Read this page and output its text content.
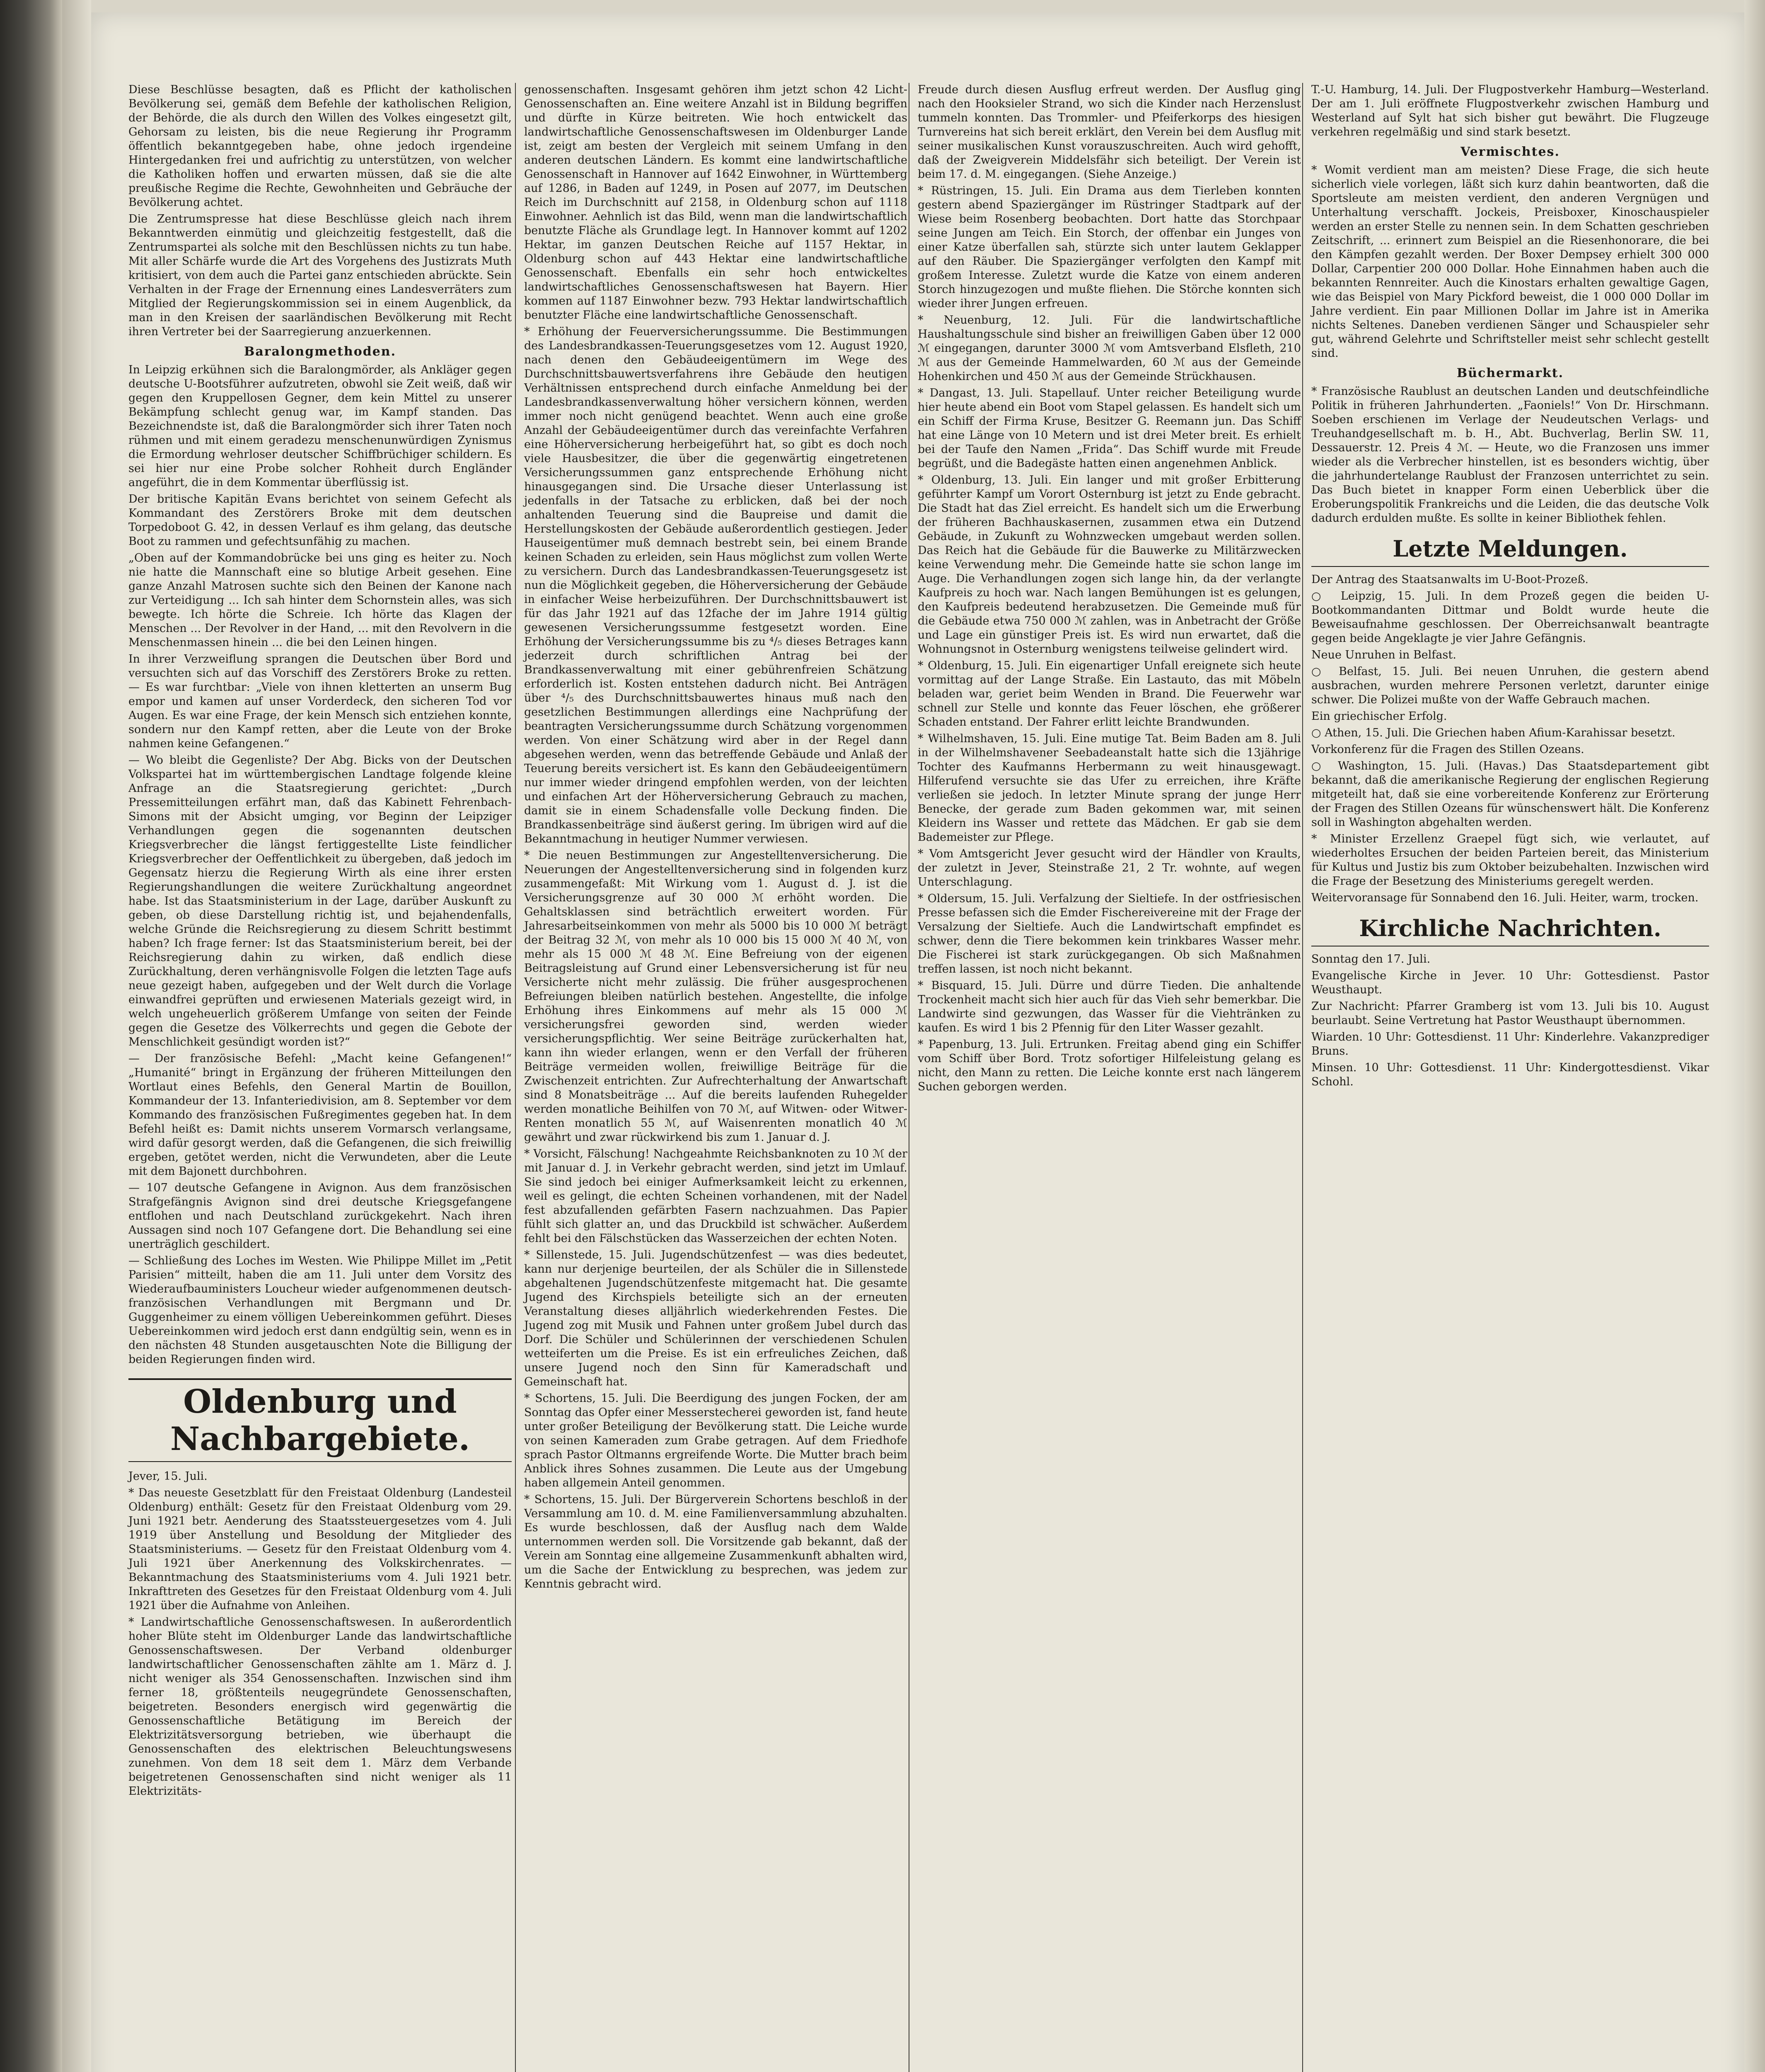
Diese Beschlüsse besagten, daß es Pflicht der katholischen Bevölkerung sei, gemäß dem Befehle der katholischen Religion, der Behörde, die als durch den Willen des Volkes eingesetzt gilt, Gehorsam zu leisten, bis die neue Regierung ihr Programm öffentlich bekanntgegeben habe, ohne jedoch irgendeine Hintergedanken frei und aufrichtig zu unterstützen, von welcher die Katholiken hoffen und erwarten müssen, daß sie die alte preußische Regime die Rechte, Gewohnheiten und Gebräuche der Bevölkerung achtet.

Die Zentrumspresse hat diese Beschlüsse gleich nach ihrem Bekanntwerden einmütig und gleichzeitig festgestellt, daß die Zentrumspartei als solche mit den Beschlüssen nichts zu tun habe. Mit aller Schärfe wurde die Art des Vorgehens des Justizrats Muth kritisiert, von dem auch die Partei ganz entschieden abrückte. Sein Verhalten in der Frage der Ernennung eines Landesverräters zum Mitglied der Regierungskommission sei in einem Augenblick, da man in den Kreisen der saarländischen Bevölkerung mit Recht ihren Vertreter bei der Saarregierung anzuerkennen.

Baralongmethoden.

In Leipzig erkühnen sich die Baralongmörder, als Ankläger gegen deutsche U-Bootsführer aufzutreten, obwohl sie Zeit weiß, daß wir gegen den Kruppellosen Gegner, dem kein Mittel zu unserer Bekämpfung schlecht genug war, im Kampf standen. Das Bezeichnendste ist, daß die Baralongmörder sich ihrer Taten noch rühmen und mit einem geradezu menschenunwürdigen Zynismus die Ermordung wehrloser deutscher Schiffbrüchiger schildern. Es sei hier nur eine Probe solcher Rohheit durch Engländer angeführt, die in dem Kommentar überflüssig ist.

Der britische Kapitän Evans berichtet von seinem Gefecht als Kommandant des Zerstörers Broke mit dem deutschen Torpedoboot G. 42, in dessen Verlauf es ihm gelang, das deutsche Boot zu rammen und gefechtsunfähig zu machen.

„Oben auf der Kommandobrücke bei uns ging es heiter zu. Noch nie hatte die Mannschaft eine so blutige Arbeit gesehen. Eine ganze Anzahl Matrosen suchte sich den Beinen der Kanone nach zur Verteidigung ... Ich sah hinter dem Schornstein alles, was sich bewegte. Ich hörte die Schreie. Ich hörte das Klagen der Menschen ... Der Revolver in der Hand, ... mit den Revolvern in die Menschenmassen hinein ... die bei den Leinen hingen.

In ihrer Verzweiflung sprangen die Deutschen über Bord und versuchten sich auf das Vorschiff des Zerstörers Broke zu retten. — Es war furchtbar: „Viele von ihnen kletterten an unserm Bug empor und kamen auf unser Vorderdeck, den sicheren Tod vor Augen. Es war eine Frage, der kein Mensch sich entziehen konnte, sondern nur den Kampf retten, aber die Leute von der Broke nahmen keine Gefangenen.“

— Wo bleibt die Gegenliste? Der Abg. Bicks von der Deutschen Volkspartei hat im württembergischen Landtage folgende kleine Anfrage an die Staatsregierung gerichtet: „Durch Pressemitteilungen erfährt man, daß das Kabinett Fehrenbach-Simons mit der Absicht umging, vor Beginn der Leipziger Verhandlungen gegen die sogenannten deutschen Kriegsverbrecher die längst fertiggestellte Liste feindlicher Kriegsverbrecher der Oeffentlichkeit zu übergeben, daß jedoch im Gegensatz hierzu die Regierung Wirth als eine ihrer ersten Regierungshandlungen die weitere Zurückhaltung angeordnet habe. Ist das Staatsministerium in der Lage, darüber Auskunft zu geben, ob diese Darstellung richtig ist, und bejahendenfalls, welche Gründe die Reichsregierung zu diesem Schritt bestimmt haben? Ich frage ferner: Ist das Staatsministerium bereit, bei der Reichsregierung dahin zu wirken, daß endlich diese Zurückhaltung, deren verhängnisvolle Folgen die letzten Tage aufs neue gezeigt haben, aufgegeben und der Welt durch die Vorlage einwandfrei geprüften und erwiesenen Materials gezeigt wird, in welch ungeheuerlich größerem Umfange von seiten der Feinde gegen die Gesetze des Völkerrechts und gegen die Gebote der Menschlichkeit gesündigt worden ist?“

— Der französische Befehl: „Macht keine Gefangenen!“ „Humanité“ bringt in Ergänzung der früheren Mitteilungen den Wortlaut eines Befehls, den General Martin de Bouillon, Kommandeur der 13. Infanteriedivision, am 8. September vor dem Kommando des französischen Fußregimentes gegeben hat. In dem Befehl heißt es: Damit nichts unserem Vormarsch verlangsame, wird dafür gesorgt werden, daß die Gefangenen, die sich freiwillig ergeben, getötet werden, nicht die Verwundeten, aber die Leute mit dem Bajonett durchbohren.

— 107 deutsche Gefangene in Avignon. Aus dem französischen Strafgefängnis Avignon sind drei deutsche Kriegsgefangene entflohen und nach Deutschland zurückgekehrt. Nach ihren Aussagen sind noch 107 Gefangene dort. Die Behandlung sei eine unerträglich geschildert.

— Schließung des Loches im Westen. Wie Philippe Millet im „Petit Parisien“ mitteilt, haben die am 11. Juli unter dem Vorsitz des Wiederaufbauministers Loucheur wieder aufgenommenen deutsch-französischen Verhandlungen mit Bergmann und Dr. Guggenheimer zu einem völligen Uebereinkommen geführt. Dieses Uebereinkommen wird jedoch erst dann endgültig sein, wenn es in den nächsten 48 Stunden ausgetauschten Note die Billigung der beiden Regierungen finden wird.

Oldenburg und Nachbargebiete.

Jever, 15. Juli.

* Das neueste Gesetzblatt für den Freistaat Oldenburg (Landesteil Oldenburg) enthält: Gesetz für den Freistaat Oldenburg vom 29. Juni 1921 betr. Aenderung des Staatssteuergesetzes vom 4. Juli 1919 über Anstellung und Besoldung der Mitglieder des Staatsministeriums. — Gesetz für den Freistaat Oldenburg vom 4. Juli 1921 über Anerkennung des Volkskirchenrates. — Bekanntmachung des Staatsministeriums vom 4. Juli 1921 betr. Inkrafttreten des Gesetzes für den Freistaat Oldenburg vom 4. Juli 1921 über die Aufnahme von Anleihen.

* Landwirtschaftliche Genossenschaftswesen. In außerordentlich hoher Blüte steht im Oldenburger Lande das landwirtschaftliche Genossenschaftswesen. Der Verband oldenburger landwirtschaftlicher Genossenschaften zählte am 1. März d. J. nicht weniger als 354 Genossenschaften. Inzwischen sind ihm ferner 18, größtenteils neugegründete Genossenschaften, beigetreten. Besonders energisch wird gegenwärtig die Genossenschaftliche Betätigung im Bereich der Elektrizitätsversorgung betrieben, wie überhaupt die Genossenschaften des elektrischen Beleuchtungswesens zunehmen. Von dem 18 seit dem 1. März dem Verbande beigetretenen Genossenschaften sind nicht weniger als 11 Elektrizitäts-

genossenschaften. Insgesamt gehören ihm jetzt schon 42 Licht-Genossenschaften an. Eine weitere Anzahl ist in Bildung begriffen und dürfte in Kürze beitreten. Wie hoch entwickelt das landwirtschaftliche Genossenschaftswesen im Oldenburger Lande ist, zeigt am besten der Vergleich mit seinem Umfang in den anderen deutschen Ländern. Es kommt eine landwirtschaftliche Genossenschaft in Hannover auf 1642 Einwohner, in Württemberg auf 1286, in Baden auf 1249, in Posen auf 2077, im Deutschen Reich im Durchschnitt auf 2158, in Oldenburg schon auf 1118 Einwohner. Aehnlich ist das Bild, wenn man die landwirtschaftlich benutzte Fläche als Grundlage legt. In Hannover kommt auf 1202 Hektar, im ganzen Deutschen Reiche auf 1157 Hektar, in Oldenburg schon auf 443 Hektar eine landwirtschaftliche Genossenschaft. Ebenfalls ein sehr hoch entwickeltes landwirtschaftliches Genossenschaftswesen hat Bayern. Hier kommen auf 1187 Einwohner bezw. 793 Hektar landwirtschaftlich benutzter Fläche eine landwirtschaftliche Genossenschaft.

* Erhöhung der Feuerversicherungssumme. Die Bestimmungen des Landesbrandkassen-Teuerungsgesetzes vom 12. August 1920, nach denen den Gebäudeeigentümern im Wege des Durchschnittsbauwertsverfahrens ihre Gebäude den heutigen Verhältnissen entsprechend durch einfache Anmeldung bei der Landesbrandkassenverwaltung höher versichern können, werden immer noch nicht genügend beachtet. Wenn auch eine große Anzahl der Gebäudeeigentümer durch das vereinfachte Verfahren eine Höherversicherung herbeigeführt hat, so gibt es doch noch viele Hausbesitzer, die über die gegenwärtig eingetretenen Versicherungssummen ganz entsprechende Erhöhung nicht hinausgegangen sind. Die Ursache dieser Unterlassung ist jedenfalls in der Tatsache zu erblicken, daß bei der noch anhaltenden Teuerung sind die Baupreise und damit die Herstellungskosten der Gebäude außerordentlich gestiegen. Jeder Hauseigentümer muß demnach bestrebt sein, bei einem Brande keinen Schaden zu erleiden, sein Haus möglichst zum vollen Werte zu versichern. Durch das Landesbrandkassen-Teuerungsgesetz ist nun die Möglichkeit gegeben, die Höherversicherung der Gebäude in einfacher Weise herbeizuführen. Der Durchschnittsbauwert ist für das Jahr 1921 auf das 12fache der im Jahre 1914 gültig gewesenen Versicherungssumme festgesetzt worden. Eine Erhöhung der Versicherungssumme bis zu ⁴/₅ dieses Betrages kann jederzeit durch schriftlichen Antrag bei der Brandkassenverwaltung mit einer gebührenfreien Schätzung erforderlich ist. Kosten entstehen dadurch nicht. Bei Anträgen über ⁴/₅ des Durchschnittsbauwertes hinaus muß nach den gesetzlichen Bestimmungen allerdings eine Nachprüfung der beantragten Versicherungssumme durch Schätzung vorgenommen werden. Von einer Schätzung wird aber in der Regel dann abgesehen werden, wenn das betreffende Gebäude und Anlaß der Teuerung bereits versichert ist. Es kann den Gebäudeeigentümern nur immer wieder dringend empfohlen werden, von der leichten und einfachen Art der Höherversicherung Gebrauch zu machen, damit sie in einem Schadensfalle volle Deckung finden. Die Brandkassenbeiträge sind äußerst gering. Im übrigen wird auf die Bekanntmachung in heutiger Nummer verwiesen.

* Die neuen Bestimmungen zur Angestelltenversicherung. Die Neuerungen der Angestelltenversicherung sind in folgenden kurz zusammengefaßt: Mit Wirkung vom 1. August d. J. ist die Versicherungsgrenze auf 30 000 ℳ erhöht worden. Die Gehaltsklassen sind beträchtlich erweitert worden. Für Jahresarbeitseinkommen von mehr als 5000 bis 10 000 ℳ beträgt der Beitrag 32 ℳ, von mehr als 10 000 bis 15 000 ℳ 40 ℳ, von mehr als 15 000 ℳ 48 ℳ. Eine Befreiung von der eigenen Beitragsleistung auf Grund einer Lebensversicherung ist für neu Versicherte nicht mehr zulässig. Die früher ausgesprochenen Befreiungen bleiben natürlich bestehen. Angestellte, die infolge Erhöhung ihres Einkommens auf mehr als 15 000 ℳ versicherungsfrei geworden sind, werden wieder versicherungspflichtig. Wer seine Beiträge zurückerhalten hat, kann ihn wieder erlangen, wenn er den Verfall der früheren Beiträge vermeiden wollen, freiwillige Beiträge für die Zwischenzeit entrichten. Zur Aufrechterhaltung der Anwartschaft sind 8 Monatsbeiträge ... Auf die bereits laufenden Ruhegelder werden monatliche Beihilfen von 70 ℳ, auf Witwen- oder Witwer-Renten monatlich 55 ℳ, auf Waisenrenten monatlich 40 ℳ gewährt und zwar rückwirkend bis zum 1. Januar d. J.

* Vorsicht, Fälschung! Nachgeahmte Reichsbanknoten zu 10 ℳ der mit Januar d. J. in Verkehr gebracht werden, sind jetzt im Umlauf. Sie sind jedoch bei einiger Aufmerksamkeit leicht zu erkennen, weil es gelingt, die echten Scheinen vorhandenen, mit der Nadel fest abzufallenden gefärbten Fasern nachzuahmen. Das Papier fühlt sich glatter an, und das Druckbild ist schwächer. Außerdem fehlt bei den Fälschstücken das Wasserzeichen der echten Noten.

* Sillenstede, 15. Juli. Jugendschützenfest — was dies bedeutet, kann nur derjenige beurteilen, der als Schüler die in Sillenstede abgehaltenen Jugendschützenfeste mitgemacht hat. Die gesamte Jugend des Kirchspiels beteiligte sich an der erneuten Veranstaltung dieses alljährlich wiederkehrenden Festes. Die Jugend zog mit Musik und Fahnen unter großem Jubel durch das Dorf. Die Schüler und Schülerinnen der verschiedenen Schulen wetteiferten um die Preise. Es ist ein erfreuliches Zeichen, daß unsere Jugend noch den Sinn für Kameradschaft und Gemeinschaft hat.

* Schortens, 15. Juli. Die Beerdigung des jungen Focken, der am Sonntag das Opfer einer Messerstecherei geworden ist, fand heute unter großer Beteiligung der Bevölkerung statt. Die Leiche wurde von seinen Kameraden zum Grabe getragen. Auf dem Friedhofe sprach Pastor Oltmanns ergreifende Worte. Die Mutter brach beim Anblick ihres Sohnes zusammen. Die Leute aus der Umgebung haben allgemein Anteil genommen.

* Schortens, 15. Juli. Der Bürgerverein Schortens beschloß in der Versammlung am 10. d. M. eine Familienversammlung abzuhalten. Es wurde beschlossen, daß der Ausflug nach dem Walde unternommen werden soll. Die Vorsitzende gab bekannt, daß der Verein am Sonntag eine allgemeine Zusammenkunft abhalten wird, um die Sache der Entwicklung zu besprechen, was jedem zur Kenntnis gebracht wird.

Freude durch diesen Ausflug erfreut werden. Der Ausflug ging nach den Hooksieler Strand, wo sich die Kinder nach Herzenslust tummeln konnten. Das Trommler- und Pfeiferkorps des hiesigen Turnvereins hat sich bereit erklärt, den Verein bei dem Ausflug mit seiner musikalischen Kunst vorauszuschreiten. Auch wird gehofft, daß der Zweigverein Middelsfähr sich beteiligt. Der Verein ist beim 17. d. M. eingegangen. (Siehe Anzeige.)

* Rüstringen, 15. Juli. Ein Drama aus dem Tierleben konnten gestern abend Spaziergänger im Rüstringer Stadtpark auf der Wiese beim Rosenberg beobachten. Dort hatte das Storchpaar seine Jungen am Teich. Ein Storch, der offenbar ein Junges von einer Katze überfallen sah, stürzte sich unter lautem Geklapper auf den Räuber. Die Spaziergänger verfolgten den Kampf mit großem Interesse. Zuletzt wurde die Katze von einem anderen Storch hinzugezogen und mußte fliehen. Die Störche konnten sich wieder ihrer Jungen erfreuen.

* Neuenburg, 12. Juli. Für die landwirtschaftliche Haushaltungsschule sind bisher an freiwilligen Gaben über 12 000 ℳ eingegangen, darunter 3000 ℳ vom Amtsverband Elsfleth, 210 ℳ aus der Gemeinde Hammelwarden, 60 ℳ aus der Gemeinde Hohenkirchen und 450 ℳ aus der Gemeinde Strückhausen.

* Dangast, 13. Juli. Stapellauf. Unter reicher Beteiligung wurde hier heute abend ein Boot vom Stapel gelassen. Es handelt sich um ein Schiff der Firma Kruse, Besitzer G. Reemann jun. Das Schiff hat eine Länge von 10 Metern und ist drei Meter breit. Es erhielt bei der Taufe den Namen „Frida“. Das Schiff wurde mit Freude begrüßt, und die Badegäste hatten einen angenehmen Anblick.

* Oldenburg, 13. Juli. Ein langer und mit großer Erbitterung geführter Kampf um Vorort Osternburg ist jetzt zu Ende gebracht. Die Stadt hat das Ziel erreicht. Es handelt sich um die Erwerbung der früheren Bachhauskasernen, zusammen etwa ein Dutzend Gebäude, in Zukunft zu Wohnzwecken umgebaut werden sollen. Das Reich hat die Gebäude für die Bauwerke zu Militärzwecken keine Verwendung mehr. Die Gemeinde hatte sie schon lange im Auge. Die Verhandlungen zogen sich lange hin, da der verlangte Kaufpreis zu hoch war. Nach langen Bemühungen ist es gelungen, den Kaufpreis bedeutend herabzusetzen. Die Gemeinde muß für die Gebäude etwa 750 000 ℳ zahlen, was in Anbetracht der Größe und Lage ein günstiger Preis ist. Es wird nun erwartet, daß die Wohnungsnot in Osternburg wenigstens teilweise gelindert wird.

* Oldenburg, 15. Juli. Ein eigenartiger Unfall ereignete sich heute vormittag auf der Lange Straße. Ein Lastauto, das mit Möbeln beladen war, geriet beim Wenden in Brand. Die Feuerwehr war schnell zur Stelle und konnte das Feuer löschen, ehe größerer Schaden entstand. Der Fahrer erlitt leichte Brandwunden.

* Wilhelmshaven, 15. Juli. Eine mutige Tat. Beim Baden am 8. Juli in der Wilhelmshavener Seebadeanstalt hatte sich die 13jährige Tochter des Kaufmanns Herbermann zu weit hinausgewagt. Hilferufend versuchte sie das Ufer zu erreichen, ihre Kräfte verließen sie jedoch. In letzter Minute sprang der junge Herr Benecke, der gerade zum Baden gekommen war, mit seinen Kleidern ins Wasser und rettete das Mädchen. Er gab sie dem Bademeister zur Pflege.

* Vom Amtsgericht Jever gesucht wird der Händler von Kraults, der zuletzt in Jever, Steinstraße 21, 2 Tr. wohnte, auf wegen Unterschlagung.

* Oldersum, 15. Juli. Verfalzung der Sieltiefe. In der ostfriesischen Presse befassen sich die Emder Fischereivereine mit der Frage der Versalzung der Sieltiefe. Auch die Landwirtschaft empfindet es schwer, denn die Tiere bekommen kein trinkbares Wasser mehr. Die Fischerei ist stark zurückgegangen. Ob sich Maßnahmen treffen lassen, ist noch nicht bekannt.

* Bisquard, 15. Juli. Dürre und dürre Tieden. Die anhaltende Trockenheit macht sich hier auch für das Vieh sehr bemerkbar. Die Landwirte sind gezwungen, das Wasser für die Viehtränken zu kaufen. Es wird 1 bis 2 Pfennig für den Liter Wasser gezahlt.

* Papenburg, 13. Juli. Ertrunken. Freitag abend ging ein Schiffer vom Schiff über Bord. Trotz sofortiger Hilfeleistung gelang es nicht, den Mann zu retten. Die Leiche konnte erst nach längerem Suchen geborgen werden.

T.-U. Hamburg, 14. Juli. Der Flugpostverkehr Hamburg—Westerland. Der am 1. Juli eröffnete Flugpostverkehr zwischen Hamburg und Westerland auf Sylt hat sich bisher gut bewährt. Die Flugzeuge verkehren regelmäßig und sind stark besetzt.

Vermischtes.

* Womit verdient man am meisten? Diese Frage, die sich heute sicherlich viele vorlegen, läßt sich kurz dahin beantworten, daß die Sportsleute am meisten verdient, den anderen Vergnügen und Unterhaltung verschafft. Jockeis, Preisboxer, Kinoschauspieler werden an erster Stelle zu nennen sein. In dem Schatten geschrieben Zeitschrift, ... erinnert zum Beispiel an die Riesenhonorare, die bei den Kämpfen gezahlt werden. Der Boxer Dempsey erhielt 300 000 Dollar, Carpentier 200 000 Dollar. Hohe Einnahmen haben auch die bekannten Rennreiter. Auch die Kinostars erhalten gewaltige Gagen, wie das Beispiel von Mary Pickford beweist, die 1 000 000 Dollar im Jahre verdient. Ein paar Millionen Dollar im Jahre ist in Amerika nichts Seltenes. Daneben verdienen Sänger und Schauspieler sehr gut, während Gelehrte und Schriftsteller meist sehr schlecht gestellt sind.

Büchermarkt.

* Französische Raublust an deutschen Landen und deutschfeindliche Politik in früheren Jahrhunderten. „Faoniels!“ Von Dr. Hirschmann. Soeben erschienen im Verlage der Neudeutschen Verlags- und Treuhandgesellschaft m. b. H., Abt. Buchverlag, Berlin SW. 11, Dessauerstr. 12. Preis 4 ℳ. — Heute, wo die Franzosen uns immer wieder als die Verbrecher hinstellen, ist es besonders wichtig, über die jahrhundertelange Raublust der Franzosen unterrichtet zu sein. Das Buch bietet in knapper Form einen Ueberblick über die Eroberungspolitik Frankreichs und die Leiden, die das deutsche Volk dadurch erdulden mußte. Es sollte in keiner Bibliothek fehlen.

Letzte Meldungen.

Der Antrag des Staatsanwalts im U-Boot-Prozeß.

○ Leipzig, 15. Juli. In dem Prozeß gegen die beiden U-Bootkommandanten Dittmar und Boldt wurde heute die Beweisaufnahme geschlossen. Der Oberreichsanwalt beantragte gegen beide Angeklagte je vier Jahre Gefängnis.

Neue Unruhen in Belfast.

○ Belfast, 15. Juli. Bei neuen Unruhen, die gestern abend ausbrachen, wurden mehrere Personen verletzt, darunter einige schwer. Die Polizei mußte von der Waffe Gebrauch machen.

Ein griechischer Erfolg.

○ Athen, 15. Juli. Die Griechen haben Afium-Karahissar besetzt.

Vorkonferenz für die Fragen des Stillen Ozeans.

○ Washington, 15. Juli. (Havas.) Das Staatsdepartement gibt bekannt, daß die amerikanische Regierung der englischen Regierung mitgeteilt hat, daß sie eine vorbereitende Konferenz zur Erörterung der Fragen des Stillen Ozeans für wünschenswert hält. Die Konferenz soll in Washington abgehalten werden.

* Minister Erzellenz Graepel fügt sich, wie verlautet, auf wiederholtes Ersuchen der beiden Parteien bereit, das Ministerium für Kultus und Justiz bis zum Oktober beizubehalten. Inzwischen wird die Frage der Besetzung des Ministeriums geregelt werden.

Weitervoransage für Sonnabend den 16. Juli. Heiter, warm, trocken.

Kirchliche Nachrichten.

Sonntag den 17. Juli.

Evangelische Kirche in Jever. 10 Uhr: Gottesdienst. Pastor Weusthaupt.

Zur Nachricht: Pfarrer Gramberg ist vom 13. Juli bis 10. August beurlaubt. Seine Vertretung hat Pastor Weusthaupt übernommen.

Wiarden. 10 Uhr: Gottesdienst. 11 Uhr: Kinderlehre. Vakanzprediger Bruns.

Minsen. 10 Uhr: Gottesdienst. 11 Uhr: Kindergottesdienst. Vikar Schohl.
